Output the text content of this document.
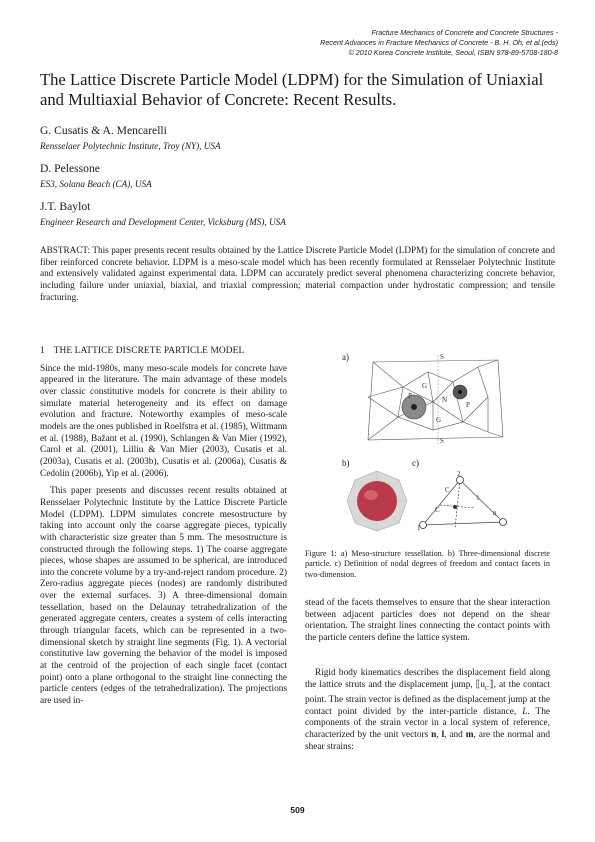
Fracture Mechanics of Concrete and Concrete Structures -
Recent Advances in Fracture Mechanics of Concrete - B. H. Oh, et al.(eds)
© 2010 Korea Concrete Institute, Seoul, ISBN 978-89-5708-180-8
The Lattice Discrete Particle Model (LDPM) for the Simulation of Uniaxial and Multiaxial Behavior of Concrete: Recent Results.

G. Cusatis & A. Mencarelli

Rensselaer Polytechnic Institute, Troy (NY), USA

D. Pelessone

ES3, Solana Beach (CA), USA

J.T. Baylot

Engineer Research and Development Center, Vicksburg (MS), USA

ABSTRACT: This paper presents recent results obtained by the Lattice Discrete Particle Model (LDPM) for the simulation of concrete and fiber reinforced concrete behavior. LDPM is a meso-scale model which has been recently formulated at Rensselaer Polytechnic Institute and extensively validated against experimental data. LDPM can accurately predict several phenomena characterizing concrete behavior, including failure under uniaxial, biaxial, and triaxial compression; material compaction under hydrostatic compression; and tensile fracturing.

1 THE LATTICE DISCRETE PARTICLE MODEL

Since the mid-1980s, many meso-scale models for concrete have appeared in the literature. The main advantage of these models over classic constitutive models for concrete is their ability to simulate material heterogeneity and its effect on damage evolution and fracture. Noteworthy examples of meso-scale models are the ones published in Roelfstra et al. (1985), Wittmann et al. (1988), Bažant et al. (1990), Schlangen & Van Mier (1992), Carol et al. (2001), Lilliu & Van Mier (2003), Cusatis et al. (2003a), Cusatis et al. (2003b), Cusatis et al. (2006a), Cusatis & Cedolin (2006b), Yip et al. (2006).

This paper presents and discusses recent results obtained at Rensselaer Polytechnic Institute by the Lattice Discrete Particle Model (LDPM). LDPM simulates concrete mesostructure by taking into account only the coarse aggregate pieces, typically with characteristic size greater than 5 mm. The mesostructure is constructed through the following steps. 1) The coarse aggregate pieces, whose shapes are assumed to be spherical, are introduced into the concrete volume by a try-and-reject random procedure. 2) Zero-radius aggregate pieces (nodes) are randomly distributed over the external surfaces. 3) A three-dimensional domain tessellation, based on the Delaunay tetrahedralization of the generated aggregate centers, creates a system of cells interacting through triangular facets, which can be represented in a two-dimensional sketch by straight line segments (Fig. 1). A vectorial constitutive law governing the behavior of the model is imposed at the centroid of the projection of each single facet (contact point) onto a plane orthogonal to the straight line connecting the particle centers (edges of the tetrahedralization). The projections are used in-

a)
b)	c)
S
S
G
G
P
P
N
C
C
1
2
l
n

Figure 1: a) Meso-structure tessellation. b) Three-dimensional discrete particle. c) Definition of nodal degrees of freedom and contact facets in two-dimension.

stead of the facets themselves to ensure that the shear interaction between adjacent particles does not depend on the shear orientation. The straight lines connecting the contact points with the particle centers define the lattice system.

Rigid body kinematics describes the displacement field along the lattice struts and the displacement jump, $⟦u_C⟧$, at the contact point. The strain vector is defined as the displacement jump at the contact point divided by the inter-particle distance, L. The components of the strain vector in a local system of reference, characterized by the unit vectors n, l, and m, are the normal and shear strains:

509
